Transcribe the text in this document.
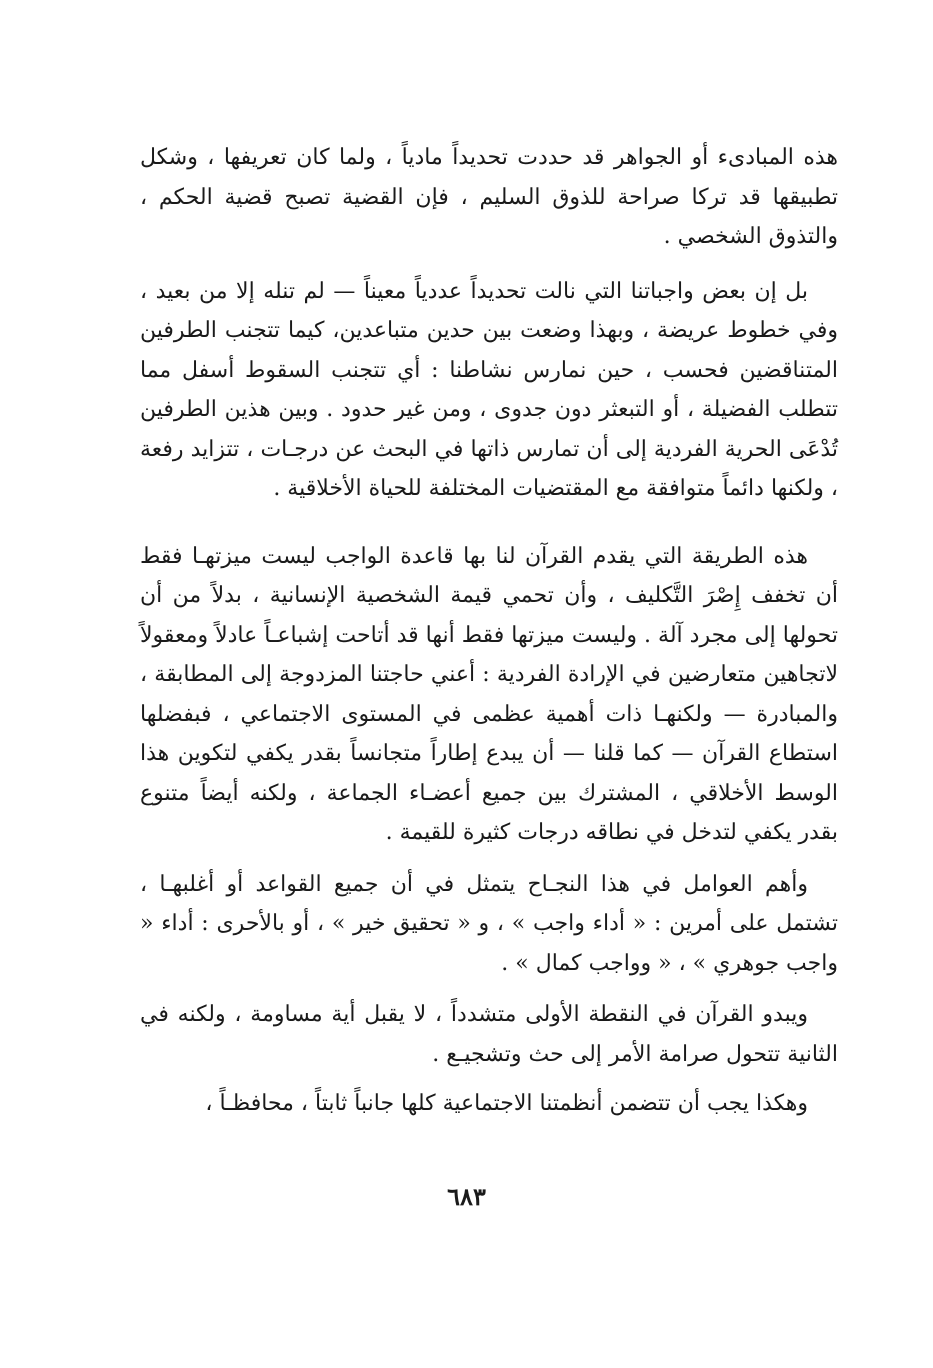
هذه المبادىء أو الجواهر قد حددت تحديداً مادياً ، ولما كان تعريفها ، وشكل تطبيقها قد تركا صراحة للذوق السليم ، فإن القضية تصبح قضية الحكم ، والتذوق الشخصي .

بل إن بعض واجباتنا التي نالت تحديداً عددياً معيناً — لم تنله إلا من بعيد ، وفي خطوط عريضة ، وبهذا وضعت بين حدين متباعدين، كيما تتجنب الطرفين المتناقضين فحسب ، حين نمارس نشاطنا : أي تتجنب السقوط أسفل مما تتطلب الفضيلة ، أو التبعثر دون جدوى ، ومن غير حدود . وبين هذين الطرفين تُدْعَى الحرية الفردية إلى أن تمارس ذاتها في البحث عن درجـات ، تتزايد رفعة ، ولكنها دائماً متوافقة مع المقتضيات المختلفة للحياة الأخلاقية .

هذه الطريقة التي يقدم القرآن لنا بها قاعدة الواجب ليست ميزتهـا فقط أن تخفف إِصْرَ التَّكليف ، وأن تحمي قيمة الشخصية الإنسانية ، بدلاً من أن تحولها إلى مجرد آلة . وليست ميزتها فقط أنها قد أتاحت إشباعـاً عادلاً ومعقولاً لاتجاهين متعارضين في الإرادة الفردية : أعني حاجتنا المزدوجة إلى المطابقة ، والمبادرة — ولكنهـا ذات أهمية عظمى في المستوى الاجتماعي ، فبفضلها استطاع القرآن — كما قلنا — أن يبدع إطاراً متجانساً بقدر يكفي لتكوين هذا الوسط الأخلاقي ، المشترك بين جميع أعضـاء الجماعة ، ولكنه أيضاً متنوع بقدر يكفي لتدخل في نطاقه درجات كثيرة للقيمة .

وأهم العوامل في هذا النجـاح يتمثل في أن جميع القواعد أو أغلبهـا ، تشتمل على أمرين : « أداء واجب » ، و « تحقيق خير » ، أو بالأحرى : أداء « واجب جوهري » ، « وواجب كمال » .

ويبدو القرآن في النقطة الأولى متشدداً ، لا يقبل أية مساومة ، ولكنه في الثانية تتحول صرامة الأمر إلى حث وتشجيـع .

وهكذا يجب أن تتضمن أنظمتنا الاجتماعية كلها جانباً ثابتاً ، محافظـاً ،

٦٨٣
